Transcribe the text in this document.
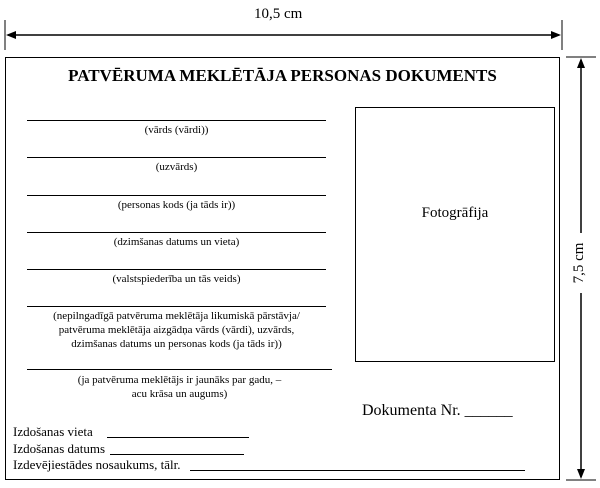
10,5 cm
7,5 cm
PATVĒRUMA MEKLĒTĀJA PERSONAS DOKUMENTS
(vārds (vārdi))
(uzvārds)
(personas kods (ja tāds ir))
(dzimšanas datums un vieta)
(valstspiederība un tās veids)
(nepilngadīgā patvēruma meklētāja likumiskā pārstāvja/
patvēruma meklētāja aizgādņa vārds (vārdi), uzvārds,
dzimšanas datums un personas kods (ja tāds ir))
(ja patvēruma meklētājs ir jaunāks par gadu, –
acu krāsa un augums)
Fotogrāfija
Dokumenta Nr. ______
Izdošanas vieta
Izdošanas datums
Izdevējiestādes nosaukums, tālr.
